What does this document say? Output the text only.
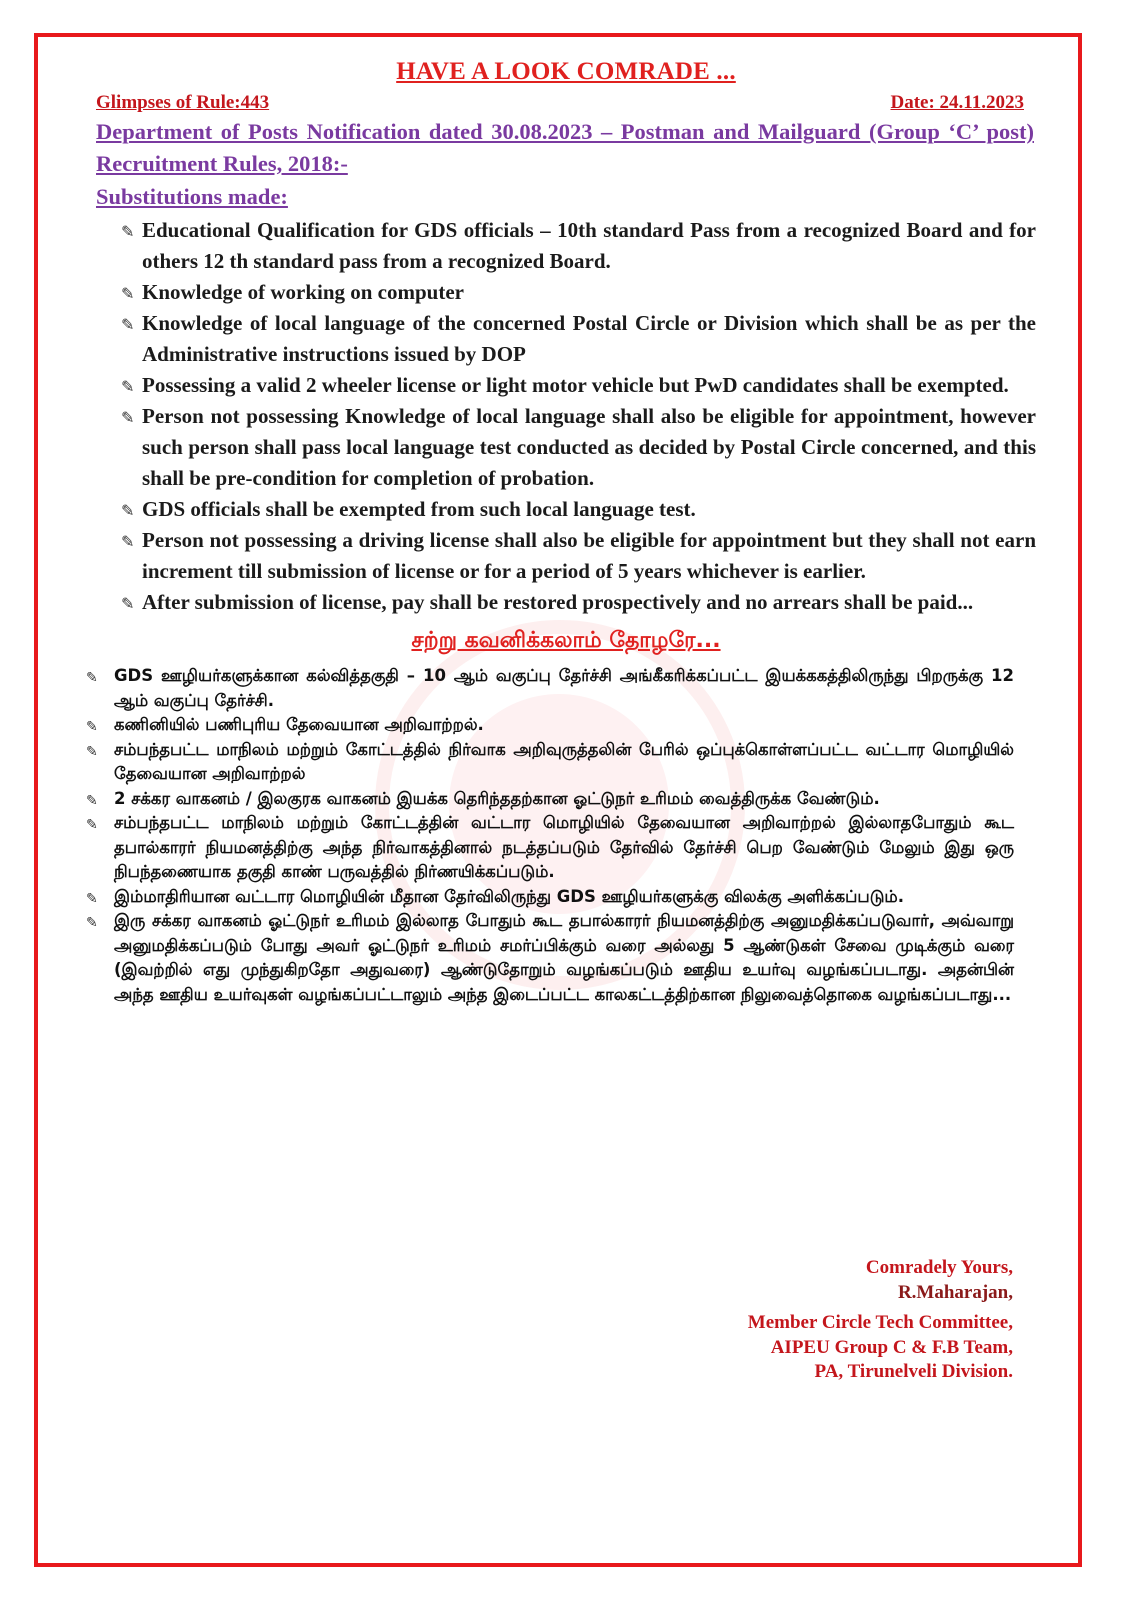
HAVE A LOOK COMRADE ...
Glimpses of Rule:443	Date: 24.11.2023

Department of Posts Notification dated 30.08.2023 – Postman and Mailguard (Group ‘C’ post) Recruitment Rules, 2018:-

Substitutions made:
✎ Educational Qualification for GDS officials – 10th standard Pass from a recognized Board and for others 12 th standard pass from a recognized Board.
✎ Knowledge of working on computer
✎ Knowledge of local language of the concerned Postal Circle or Division which shall be as per the Administrative instructions issued by DOP
✎ Possessing a valid 2 wheeler license or light motor vehicle but PwD candidates shall be exempted.
✎ Person not possessing Knowledge of local language shall also be eligible for appointment, however such person shall pass local language test conducted as decided by Postal Circle concerned, and this shall be pre-condition for completion of probation.
✎ GDS officials shall be exempted from such local language test.
✎ Person not possessing a driving license shall also be eligible for appointment but they shall not earn increment till submission of license or for a period of 5 years whichever is earlier.
✎ After submission of license, pay shall be restored prospectively and no arrears shall be paid...
சற்று கவனிக்கலாம் தோழரே...
✎ GDS ஊழியர்களுக்கான கல்வித்தகுதி – 10 ஆம் வகுப்பு தேர்ச்சி அங்கீகரிக்கப்பட்ட இயக்ககத்திலிருந்து பிறருக்கு 12 ஆம் வகுப்பு தேர்ச்சி.
✎ கணினியில் பணிபுரிய தேவையான அறிவாற்றல்.
✎ சம்பந்தபட்ட மாநிலம் மற்றும் கோட்டத்தில் நிர்வாக அறிவுருத்தலின் பேரில் ஒப்புக்கொள்ளப்பட்ட வட்டார மொழியில் தேவையான அறிவாற்றல்
✎ 2 சக்கர வாகனம் / இலகுரக வாகனம் இயக்க தெரிந்ததற்கான ஓட்டுநர் உரிமம் வைத்திருக்க வேண்டும்.
✎ சம்பந்தபட்ட மாநிலம் மற்றும் கோட்டத்தின் வட்டார மொழியில் தேவையான அறிவாற்றல் இல்லாதபோதும் கூட தபால்காரர் நியமனத்திற்கு அந்த நிர்வாகத்தினால் நடத்தப்படும் தேர்வில் தேர்ச்சி பெற வேண்டும் மேலும் இது ஒரு நிபந்தணையாக தகுதி காண் பருவத்தில் நிர்ணயிக்கப்படும்.
✎ இம்மாதிரியான வட்டார மொழியின் மீதான தேர்விலிருந்து GDS ஊழியர்களுக்கு விலக்கு அளிக்கப்படும்.
✎ இரு சக்கர வாகனம் ஓட்டுநர் உரிமம் இல்லாத போதும் கூட தபால்காரர் நியமனத்திற்கு அனுமதிக்கப்படுவார், அவ்வாறு அனுமதிக்கப்படும் போது அவர் ஓட்டுநர் உரிமம் சமர்ப்பிக்கும் வரை அல்லது 5 ஆண்டுகள் சேவை முடிக்கும் வரை (இவற்றில் எது முந்துகிறதோ அதுவரை) ஆண்டுதோறும் வழங்கப்படும் ஊதிய உயர்வு வழங்கப்படாது. அதன்பின் அந்த ஊதிய உயர்வுகள் வழங்கப்பட்டாலும் அந்த இடைப்பட்ட காலகட்டத்திற்கான நிலுவைத்தொகை வழங்கப்படாது...
Comradely Yours,
R.Maharajan,
Member Circle Tech Committee,
AIPEU Group C & F.B Team,
PA, Tirunelveli Division.
